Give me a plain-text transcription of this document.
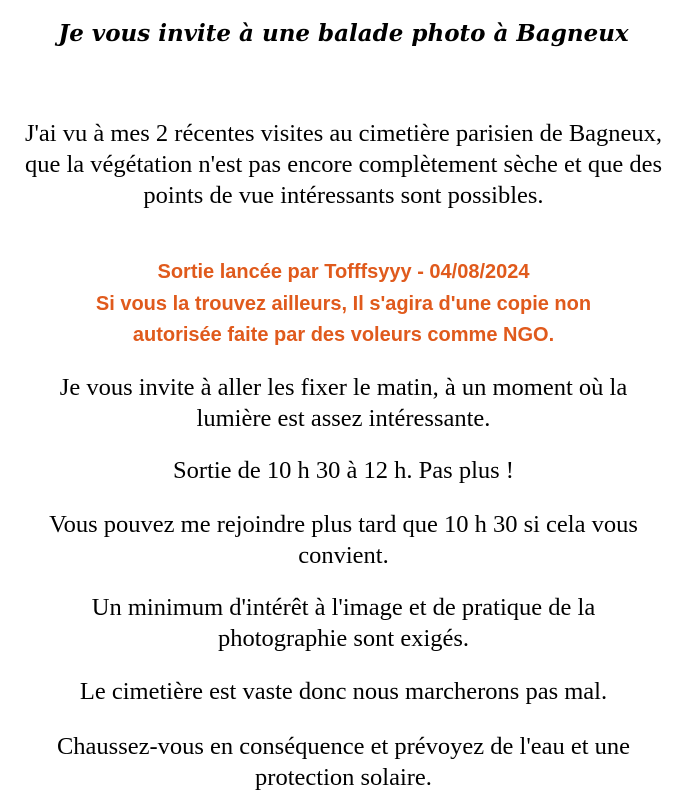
Je vous invite à une balade photo à Bagneux

J'ai vu à mes 2 récentes visites au cimetière parisien de Bagneux, que la végétation n'est pas encore complètement sèche et que des points de vue intéressants sont possibles.

Sortie lancée par Tofffsyyy - 04/08/2024
Si vous la trouvez ailleurs, Il s'agira d'une copie non
autorisée faite par des voleurs comme NGO.

Je vous invite à aller les fixer le matin, à un moment où la lumière est assez intéressante.

Sortie de 10 h 30 à 12 h. Pas plus !

Vous pouvez me rejoindre plus tard que 10 h 30 si cela vous convient.

Un minimum d'intérêt à l'image et de pratique de la photographie sont exigés.

Le cimetière est vaste donc nous marcherons pas mal.

Chaussez-vous en conséquence et prévoyez de l'eau et une protection solaire.
